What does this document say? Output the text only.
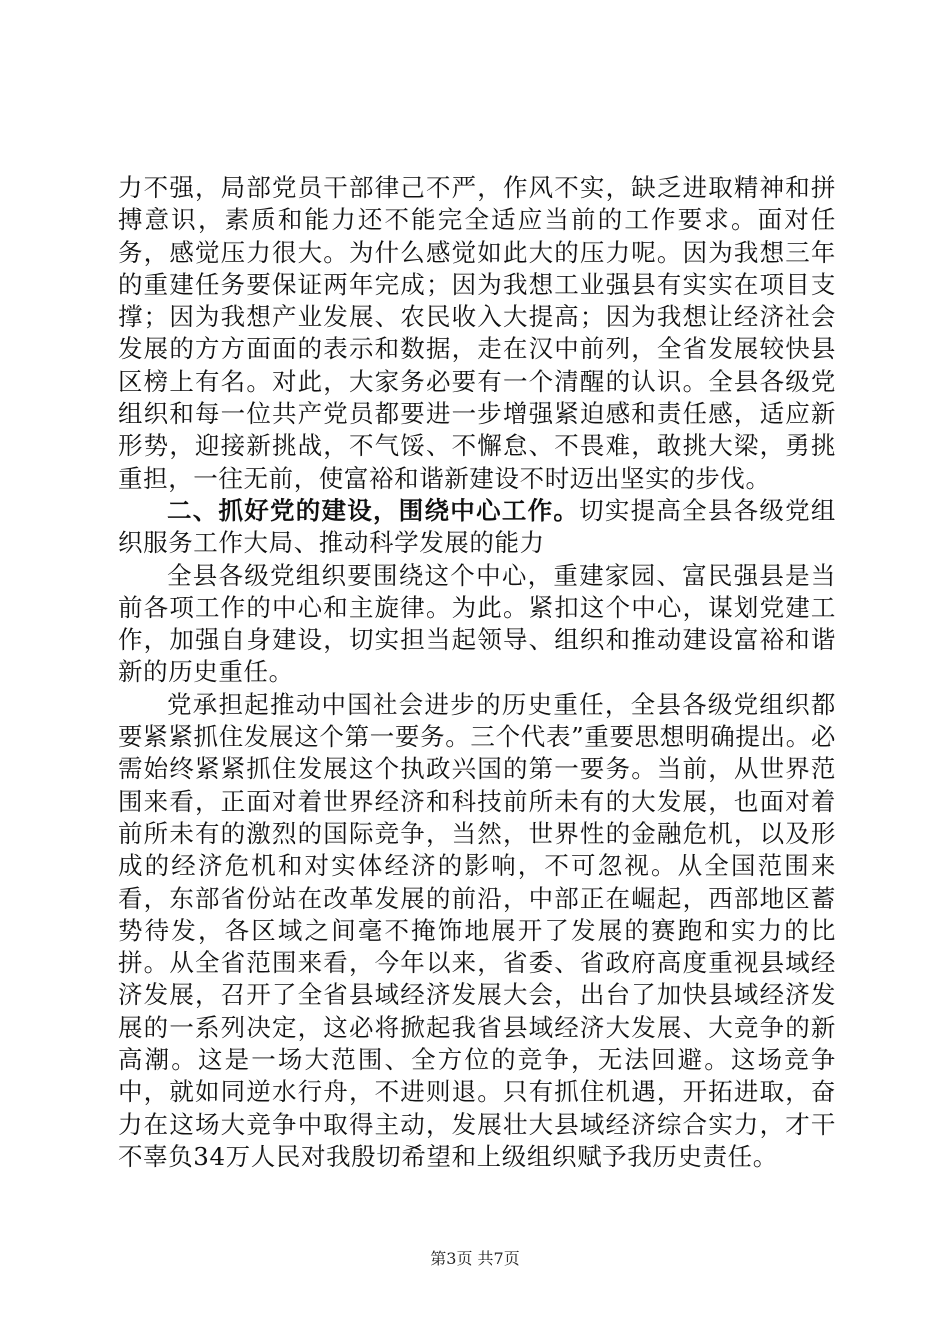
力不强，局部党员干部律己不严，作风不实，缺乏进取精神和拼搏意识，素质和能力还不能完全适应当前的工作要求。面对任务，感觉压力很大。为什么感觉如此大的压力呢。因为我想三年的重建任务要保证两年完成；因为我想工业强县有实实在项目支撑；因为我想产业发展、农民收入大提高；因为我想让经济社会发展的方方面面的表示和数据，走在汉中前列，全省发展较快县区榜上有名。对此，大家务必要有一个清醒的认识。全县各级党组织和每一位共产党员都要进一步增强紧迫感和责任感，适应新形势，迎接新挑战，不气馁、不懈怠、不畏难，敢挑大梁，勇挑重担，一往无前，使富裕和谐新建设不时迈出坚实的步伐。

二、抓好党的建设，围绕中心工作。切实提高全县各级党组织服务工作大局、推动科学发展的能力

全县各级党组织要围绕这个中心，重建家园、富民强县是当前各项工作的中心和主旋律。为此。紧扣这个中心，谋划党建工作，加强自身建设，切实担当起领导、组织和推动建设富裕和谐新的历史重任。

党承担起推动中国社会进步的历史重任，全县各级党组织都要紧紧抓住发展这个第一要务。三个代表”重要思想明确提出。必需始终紧紧抓住发展这个执政兴国的第一要务。当前，从世界范围来看，正面对着世界经济和科技前所未有的大发展，也面对着前所未有的激烈的国际竞争，当然，世界性的金融危机，以及形成的经济危机和对实体经济的影响，不可忽视。从全国范围来看，东部省份站在改革发展的前沿，中部正在崛起，西部地区蓄势待发，各区域之间毫不掩饰地展开了发展的赛跑和实力的比拼。从全省范围来看，今年以来，省委、省政府高度重视县域经济发展，召开了全省县域经济发展大会，出台了加快县域经济发展的一系列决定，这必将掀起我省县域经济大发展、大竞争的新高潮。这是一场大范围、全方位的竞争，无法回避。这场竞争中，就如同逆水行舟，不进则退。只有抓住机遇，开拓进取，奋力在这场大竞争中取得主动，发展壮大县域经济综合实力，才干不辜负34万人民对我殷切希望和上级组织赋予我历史责任。

第3页 共7页
